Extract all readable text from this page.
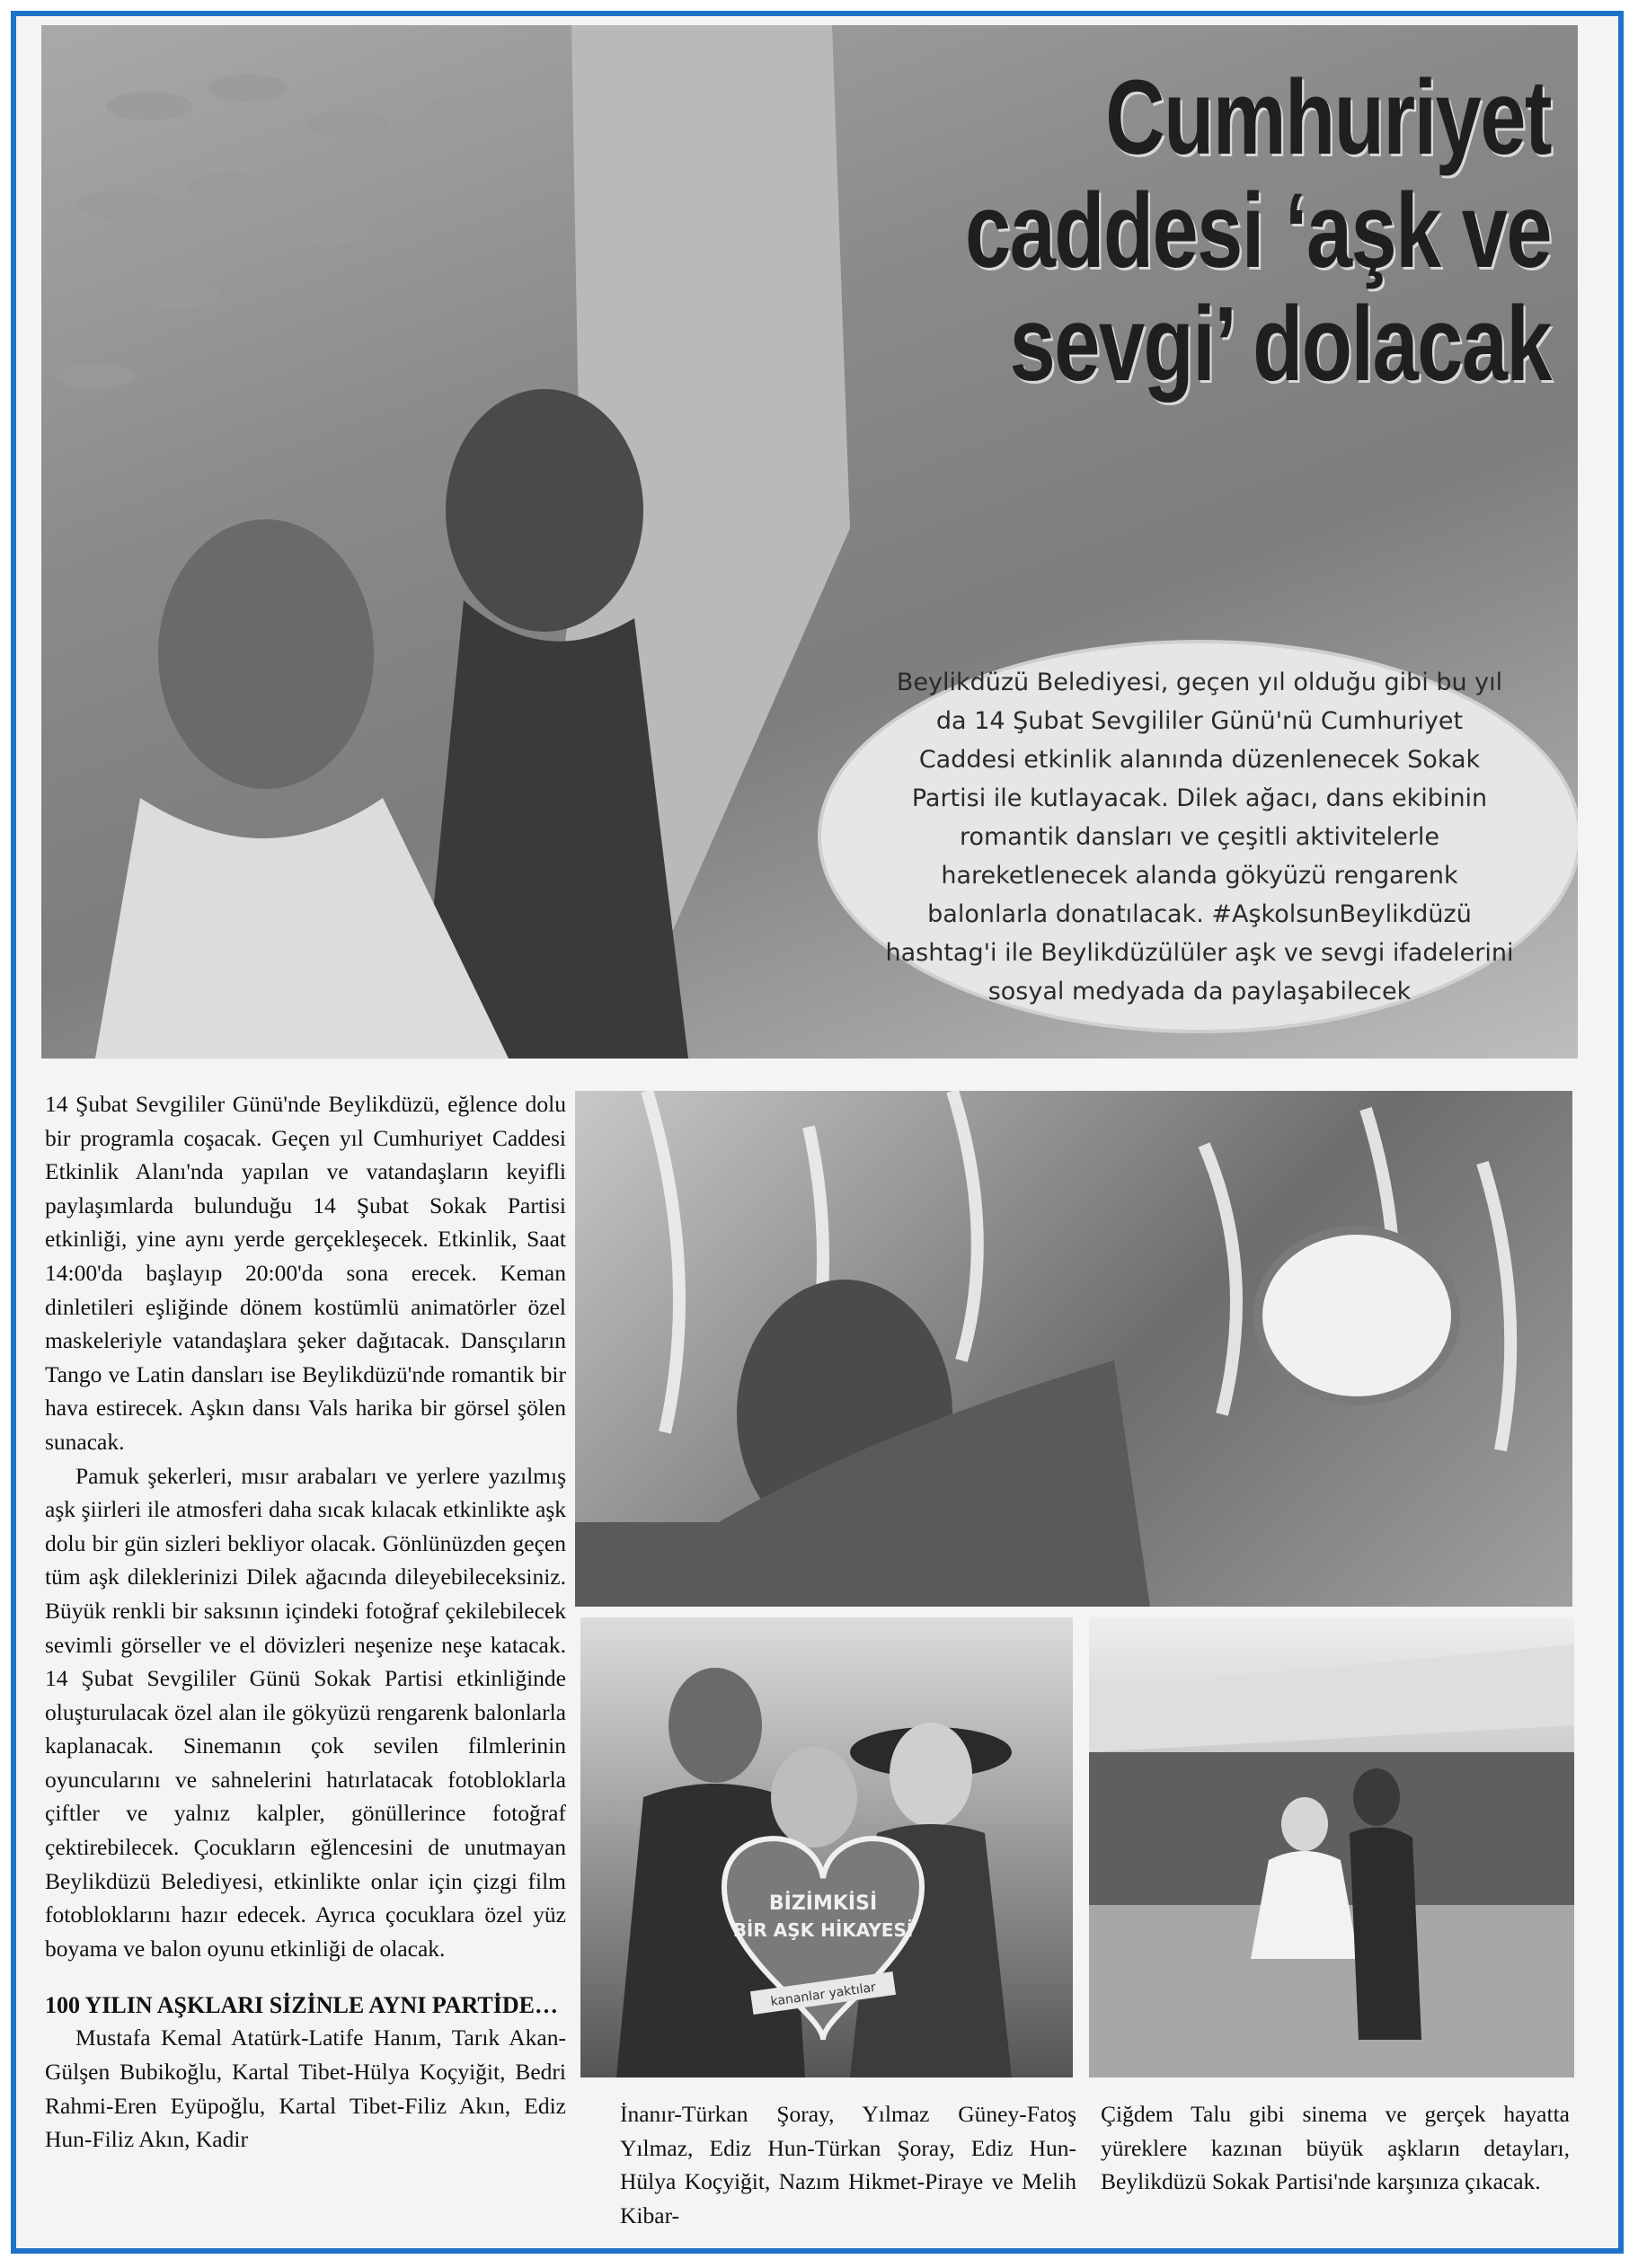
Cumhuriyet
caddesi ‘aşk ve
sevgi’ dolacak

Beylikdüzü Belediyesi, geçen yıl olduğu gibi bu yıl da 14 Şubat Sevgililer Günü'nü Cumhuriyet Caddesi etkinlik alanında düzenlenecek Sokak Partisi ile kutlayacak. Dilek ağacı, dans ekibinin romantik dansları ve çeşitli aktivitelerle hareketlenecek alanda gökyüzü rengarenk balonlarla donatılacak. #AşkolsunBeylikdüzü hashtag'i ile Beylikdüzülüler aşk ve sevgi ifadelerini sosyal medyada da paylaşabilecek

14 Şubat Sevgililer Günü'nde Beylikdüzü, eğlence dolu bir programla coşacak. Geçen yıl Cumhuriyet Caddesi Etkinlik Alanı'nda yapılan ve vatandaşların keyifli paylaşımlarda bulunduğu 14 Şubat Sokak Partisi etkinliği, yine aynı yerde gerçekleşecek. Etkinlik, Saat 14:00'da başlayıp 20:00'da sona erecek. Keman dinletileri eşliğinde dönem kostümlü animatörler özel maskeleriyle vatandaşlara şeker dağıtacak. Dansçıların Tango ve Latin dansları ise Beylikdüzü'nde romantik bir hava estirecek. Aşkın dansı Vals harika bir görsel şölen sunacak.

Pamuk şekerleri, mısır arabaları ve yerlere yazılmış aşk şiirleri ile atmosferi daha sıcak kılacak etkinlikte aşk dolu bir gün sizleri bekliyor olacak. Gönlünüzden geçen tüm aşk dileklerinizi Dilek ağacında dileyebileceksiniz. Büyük renkli bir saksının içindeki fotoğraf çekilebilecek sevimli görseller ve el dövizleri neşenize neşe katacak. 14 Şubat Sevgililer Günü Sokak Partisi etkinliğinde oluşturulacak özel alan ile gökyüzü rengarenk balonlarla kaplanacak. Sinemanın çok sevilen filmlerinin oyuncularını ve sahnelerini hatırlatacak fotobloklarla çiftler ve yalnız kalpler, gönüllerince fotoğraf çektirebilecek. Çocukların eğlencesini de unutmayan Beylikdüzü Belediyesi, etkinlikte onlar için çizgi film fotobloklarını hazır edecek. Ayrıca çocuklara özel yüz boyama ve balon oyunu etkinliği de olacak.

100 YILIN AŞKLARI SİZİNLE AYNI PARTİDE…

Mustafa Kemal Atatürk-Latife Hanım, Tarık Akan-Gülşen Bubikoğlu, Kartal Tibet-Hülya Koçyiğit, Bedri Rahmi-Eren Eyüpoğlu, Kartal Tibet-Filiz Akın, Ediz Hun-Filiz Akın, Kadir

BİZİMKİSİ
BİR AŞK HİKAYESİ
kananlar yaktılar
İnanır-Türkan Şoray, Yılmaz Güney-Fatoş Yılmaz, Ediz Hun-Türkan Şoray, Ediz Hun-Hülya Koçyiğit, Nazım Hikmet-Piraye ve Melih Kibar-
Çiğdem Talu gibi sinema ve gerçek hayatta yüreklere kazınan büyük aşkların detayları, Beylikdüzü Sokak Partisi'nde karşınıza çıkacak.
